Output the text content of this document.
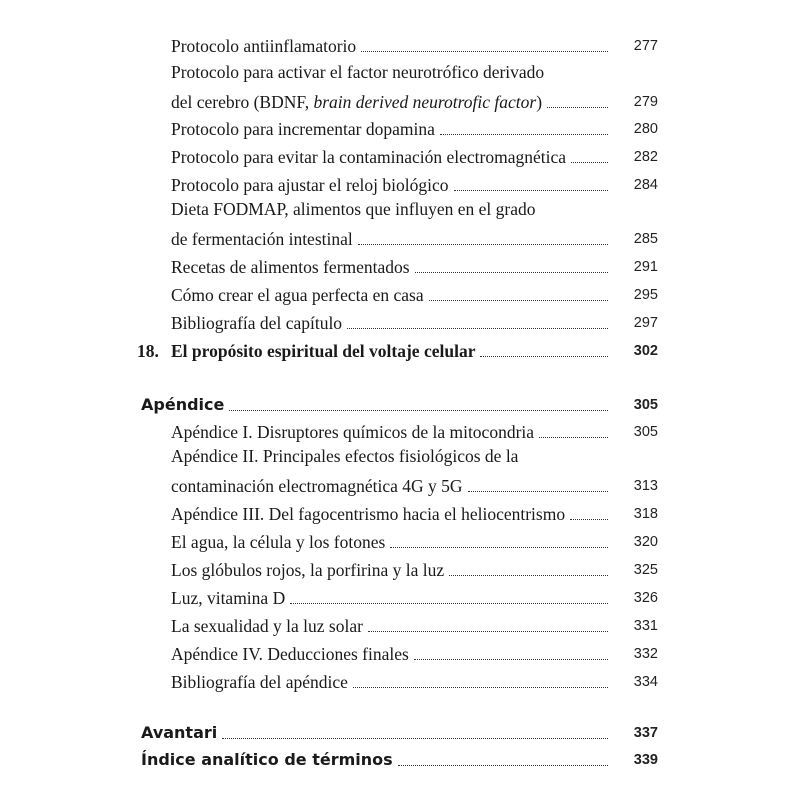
Protocolo antiinflamatorio	277
Protocolo para activar el factor neurotrófico derivado
del cerebro (BDNF, brain derived neurotrofic factor)	279
Protocolo para incrementar dopamina	280
Protocolo para evitar la contaminación electromagnética	282
Protocolo para ajustar el reloj biológico	284
Dieta FODMAP, alimentos que influyen en el grado
de fermentación intestinal	285
Recetas de alimentos fermentados	291
Cómo crear el agua perfecta en casa	295
Bibliografía del capítulo	297
18. El propósito espiritual del voltaje celular	302
Apéndice	305
Apéndice I. Disruptores químicos de la mitocondria	305
Apéndice II. Principales efectos fisiológicos de la
contaminación electromagnética 4G y 5G	313
Apéndice III. Del fagocentrismo hacia el heliocentrismo	318
El agua, la célula y los fotones	320
Los glóbulos rojos, la porfirina y la luz	325
Luz, vitamina D	326
La sexualidad y la luz solar	331
Apéndice IV. Deducciones finales	332
Bibliografía del apéndice	334
Avantari	337
Índice analítico de términos	339
